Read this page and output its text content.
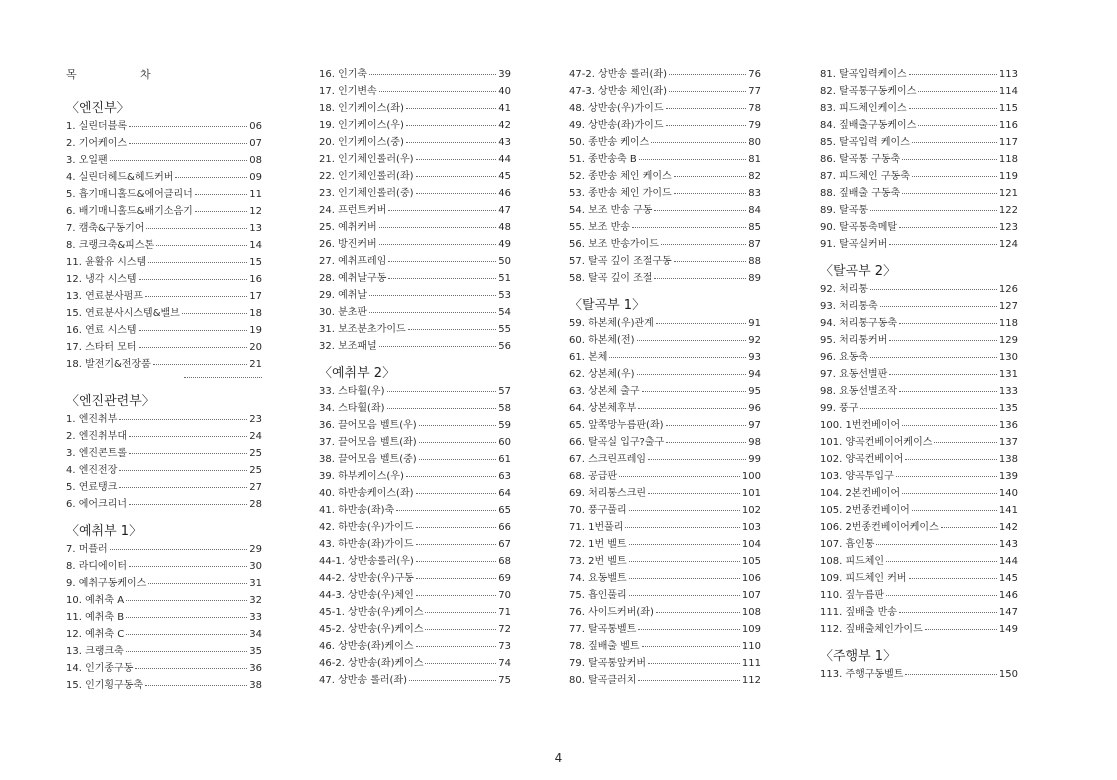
목	차
〈엔진부〉
1. 실린더블록	06
2. 기어케이스	07
3. 오일팬	08
4. 실린더헤드&헤드커버	09
5. 흡기매니홀드&에어클리너	11
6. 배기매니홀드&배기소음기	12
7. 캠축&구동기어	13
8. 크랭크축&피스톤	14
11. 윤활유 시스템	15
12. 냉각 시스템	16
13. 연료분사펌프	17
15. 연료분사시스템&밸브	18
16. 연료 시스템	19
17. 스타터 모터	20
18. 발전기&전장품	21
〈엔진관련부〉
1. 엔진취부	23
2. 엔진취부대	24
3. 엔진콘트롤	25
4. 엔진전장	25
5. 연료탱크	27
6. 에어크리너	28
〈예취부 1〉
7. 머플러	29
8. 라디에이터	30
9. 예취구동케이스	31
10. 예취축 A	32
11. 예취축 B	33
12. 예취축 C	34
13. 크랭크축	35
14. 인기종구동	36
15. 인기횡구동축	38
16. 인기축	39
17. 인기변속	40
18. 인기케이스(좌)	41
19. 인기케이스(우)	42
20. 인기케이스(중)	43
21. 인기체인롤러(우)	44
22. 인기체인롤러(좌)	45
23. 인기체인롤러(중)	46
24. 프런트커버	47
25. 예취커버	48
26. 방진커버	49
27. 예취프레임	50
28. 예취날구동	51
29. 예취날	53
30. 분초판	54
31. 보조분초가이드	55
32. 보조패널	56
〈예취부 2〉
33. 스타휠(우)	57
34. 스타휠(좌)	58
36. 끌어모음 벨트(우)	59
37. 끌어모음 벨트(좌)	60
38. 끌어모음 벨트(중)	61
39. 하부케이스(우)	63
40. 하반송케이스(좌)	64
41. 하반송(좌)축	65
42. 하반송(우)가이드	66
43. 하반송(좌)가이드	67
44-1. 상반송롤러(우)	68
44-2. 상반송(우)구동	69
44-3. 상반송(우)체인	70
45-1. 상반송(우)케이스	71
45-2. 상반송(우)케이스	72
46. 상반송(좌)케이스	73
46-2. 상반송(좌)케이스	74
47. 상반송 롤러(좌)	75
47-2. 상반송 롤러(좌)	76
47-3. 상반송 체인(좌)	77
48. 상반송(우)가이드	78
49. 상반송(좌)가이드	79
50. 종반송 케이스	80
51. 종반송축 B	81
52. 종반송 체인 케이스	82
53. 종반송 체인 가이드	83
54. 보조 반송 구동	84
55. 보조 반송	85
56. 보조 반송가이드	87
57. 탈곡 깊이 조절구동	88
58. 탈곡 깊이 조절	89
〈탈곡부 1〉
59. 하본체(우)관계	91
60. 하본체(전)	92
61. 본체	93
62. 상본체(우)	94
63. 상본체 출구	95
64. 상본체후부	96
65. 앞쪽망누름판(좌)	97
66. 탈곡실 입구?출구	98
67. 스크린프레임	99
68. 공급판	100
69. 처리통스크린	101
70. 풍구풀리	102
71. 1번풀리	103
72. 1번 벨트	104
73. 2번 벨트	105
74. 요동벨트	106
75. 흡인풀리	107
76. 사이드커버(좌)	108
77. 탈곡통벨트	109
78. 짚배출 벨트	110
79. 탈곡통앞커버	111
80. 탈곡클러치	112
81. 탈곡입력케이스	113
82. 탈곡통구동케이스	114
83. 피드체인케이스	115
84. 짚배출구동케이스	116
85. 탈곡입력 케이스	117
86. 탈곡통 구동축	118
87. 피드체인 구동축	119
88. 짚배출 구동축	121
89. 탈곡통	122
90. 탈곡통축메탈	123
91. 탈곡실커버	124
〈탈곡부 2〉
92. 처리통	126
93. 처리통축	127
94. 처리통구동축	118
95. 처리통커버	129
96. 요동축	130
97. 요동선별판	131
98. 요동선별조작	133
99. 풍구	135
100. 1번컨베이어	136
101. 양곡컨베이어케이스	137
102. 양곡컨베이어	138
103. 양곡투입구	139
104. 2본컨베이어	140
105. 2번종컨베이어	141
106. 2번종컨베이어케이스	142
107. 흡인통	143
108. 피드체인	144
109. 피드체인 커버	145
110. 짚누름판	146
111. 짚배출 반송	147
112. 짚배출체인가이드	149
〈주행부 1〉
113. 주행구동벨트	150
4
